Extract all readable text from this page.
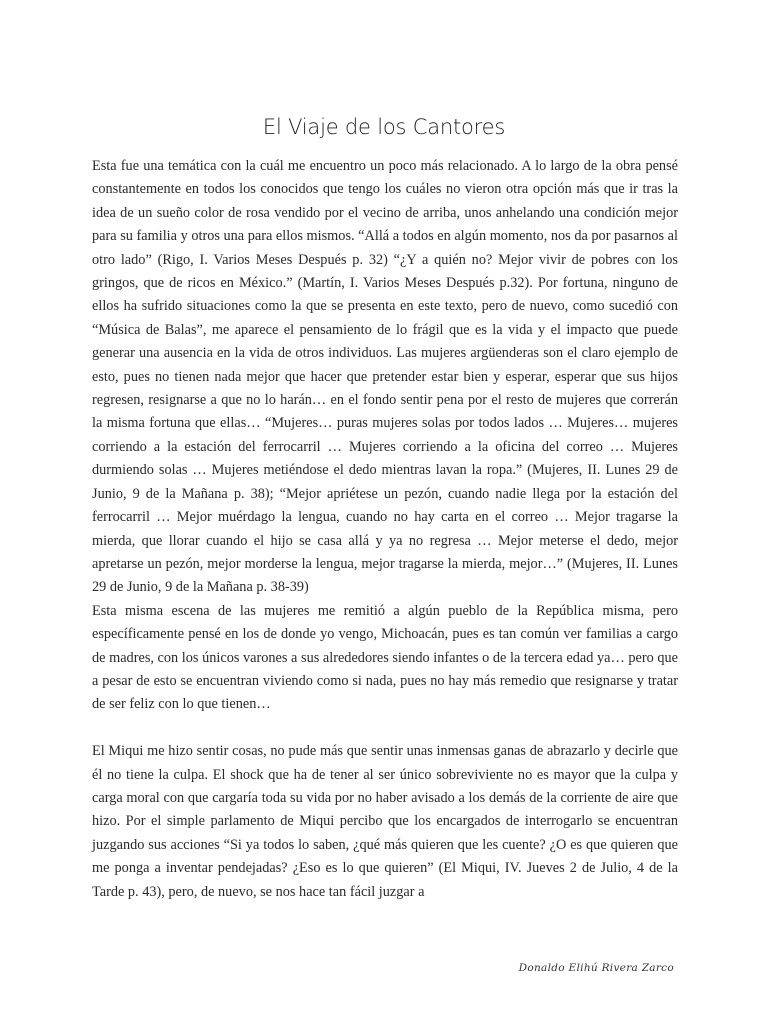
El Viaje de los Cantores

Esta fue una temática con la cuál me encuentro un poco más relacionado. A lo largo de la obra pensé constantemente en todos los conocidos que tengo los cuáles no vieron otra opción más que ir tras la idea de un sueño color de rosa vendido por el vecino de arriba, unos anhelando una condición mejor para su familia y otros una para ellos mismos. “Allá a todos en algún momento, nos da por pasarnos al otro lado” (Rigo, I. Varios Meses Después p. 32) “¿Y a quién no? Mejor vivir de pobres con los gringos, que de ricos en México.” (Martín, I. Varios Meses Después p.32). Por fortuna, ninguno de ellos ha sufrido situaciones como la que se presenta en este texto, pero de nuevo, como sucedió con “Música de Balas”, me aparece el pensamiento de lo frágil que es la vida y el impacto que puede generar una ausencia en la vida de otros individuos. Las mujeres argüenderas son el claro ejemplo de esto, pues no tienen nada mejor que hacer que pretender estar bien y esperar, esperar que sus hijos regresen, resignarse a que no lo harán… en el fondo sentir pena por el resto de mujeres que correrán la misma fortuna que ellas… “Mujeres… puras mujeres solas por todos lados … Mujeres… mujeres corriendo a la estación del ferrocarril … Mujeres corriendo a la oficina del correo … Mujeres durmiendo solas … Mujeres metiéndose el dedo mientras lavan la ropa.” (Mujeres, II. Lunes 29 de Junio, 9 de la Mañana p. 38); “Mejor apriétese un pezón, cuando nadie llega por la estación del ferrocarril … Mejor muérdago la lengua, cuando no hay carta en el correo … Mejor tragarse la mierda, que llorar cuando el hijo se casa allá y ya no regresa … Mejor meterse el dedo, mejor apretarse un pezón, mejor morderse la lengua, mejor tragarse la mierda, mejor…” (Mujeres, II. Lunes 29 de Junio, 9 de la Mañana p. 38-39)

Esta misma escena de las mujeres me remitió a algún pueblo de la República misma, pero específicamente pensé en los de donde yo vengo, Michoacán, pues es tan común ver familias a cargo de madres, con los únicos varones a sus alrededores siendo infantes o de la tercera edad ya… pero que a pesar de esto se encuentran viviendo como si nada, pues no hay más remedio que resignarse y tratar de ser feliz con lo que tienen…

El Miqui me hizo sentir cosas, no pude más que sentir unas inmensas ganas de abrazarlo y decirle que él no tiene la culpa. El shock que ha de tener al ser único sobreviviente no es mayor que la culpa y carga moral con que cargaría toda su vida por no haber avisado a los demás de la corriente de aire que hizo. Por el simple parlamento de Miqui percibo que los encargados de interrogarlo se encuentran juzgando sus acciones “Si ya todos lo saben, ¿qué más quieren que les cuente? ¿O es que quieren que me ponga a inventar pendejadas? ¿Eso es lo que quieren” (El Miqui, IV. Jueves 2 de Julio, 4 de la Tarde p. 43), pero, de nuevo, se nos hace tan fácil juzgar a

Donaldo Elihú Rivera Zarco
